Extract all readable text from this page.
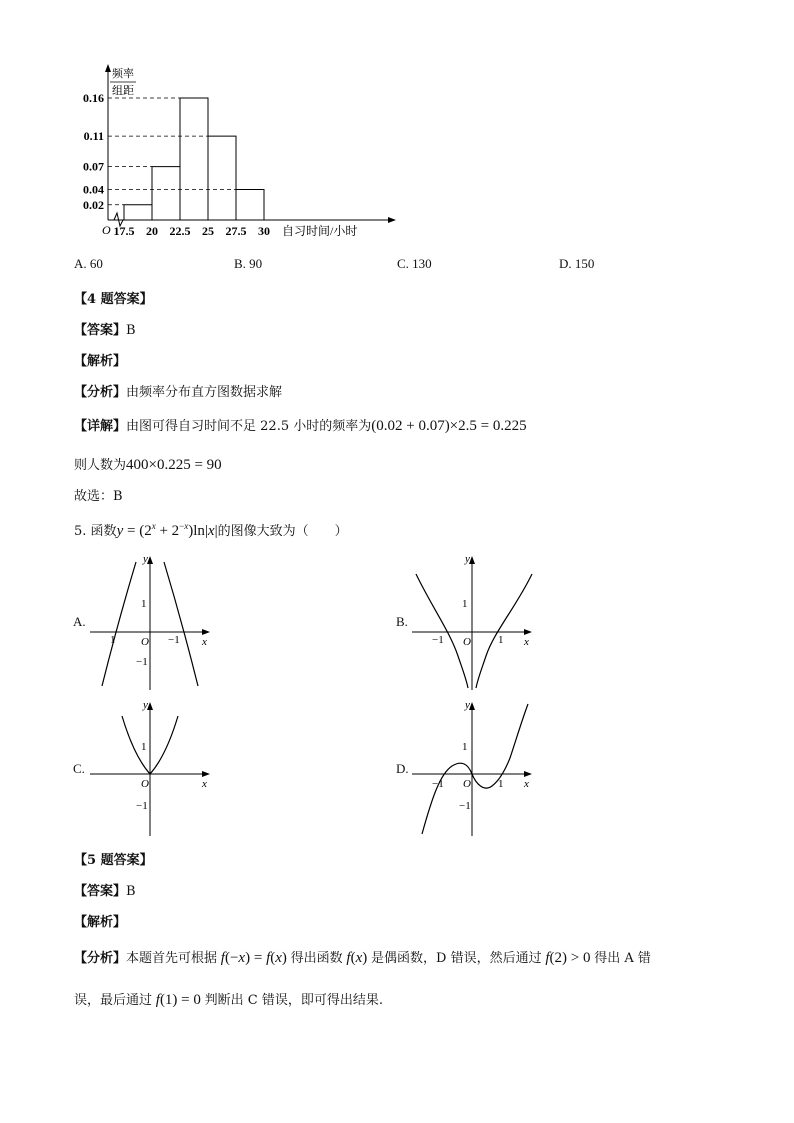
频率
组距
O
0.02
0.04
0.07
0.11
0.16
17.5 20 22.5 25 27.5 30 自习时间/小时
A. 60	B. 90	C. 130	D. 150
【4 题答案】
【答案】B
【解析】
【分析】由频率分布直方图数据求解
【详解】由图可得自习时间不足 22.5 小时的频率为(0.02 + 0.07)×2.5 = 0.225
则人数为400×0.225 = 90
故选：B
5. 函数$y = (2^x + 2^{-x})\ln|x|$的图像大致为（　　）
A.	B.
C.	D.
y
x
O
1
−1
1	−1
y
x
O
1
−1	1
y
x
O
1
−1
y
x
O
1
−1
−1	1
【5 题答案】
【答案】B
【解析】
【分析】本题首先可根据 f(−x) = f(x) 得出函数 f(x) 是偶函数，D 错误，然后通过 f(2) > 0 得出 A 错
误，最后通过 f(1) = 0 判断出 C 错误，即可得出结果.
